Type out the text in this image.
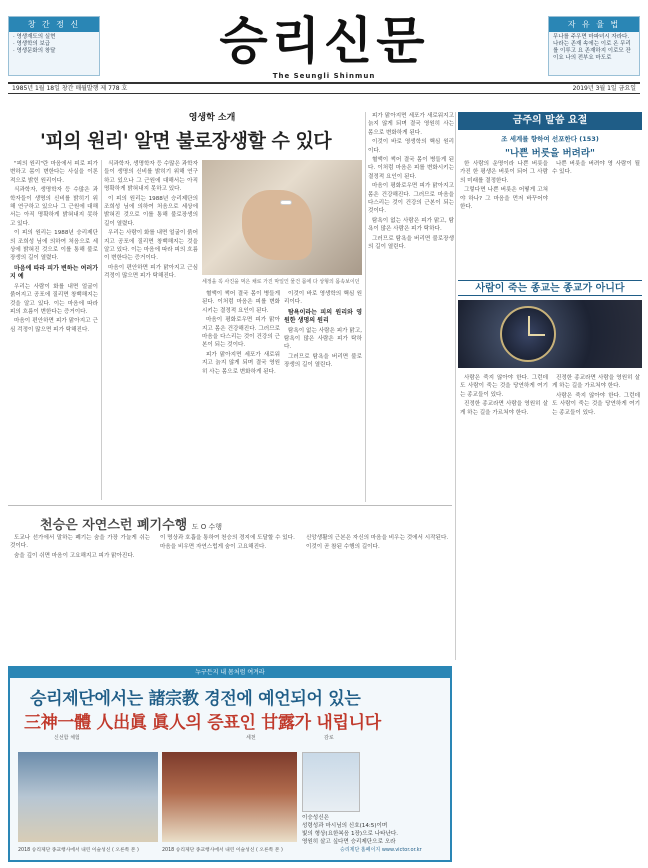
창 간 정 신
· 영생재도의 실현
· 영생학의 보급
· 영생문화의 창달	승리신문
The Seungli Shinmun
자 유 율 법
무나를 주우면 마파녀시 자라다. 나라는 존재 속에는 이로 온 무리를 이루고 요 존재하지 이로모 잔이요 나의 전부요 마도로
1985년 1월 18일 창간 매월발행 제 778 호	2019년 3월 1일 금요일
영생학 소개
'피의 원리' 알면 불로장생할 수 있다

"피의 원리"란 마음에서 피로 피가 변하고 몸이 변한다는 사실을 이론적으로 밝힌 원리이다.

식과학자, 생명학자 등 수많은 과학자들이 생명의 신비를 밝히기 위해 연구하고 있으나 그 근원에 대해서는 아직 명확하게 밝혀내지 못하고 있다.

이 피의 원리는 1988년 승리제단의 조희성 님에 의하여 처음으로 세상에 밝혀진 것으로 이를 통해 불로장생의 길이 열렸다.

마음에 따라 피가 변하는 여러가지 예

우리는 사람이 화를 내면 얼굴이 붉어지고 공포에 질리면 창백해지는 것을 알고 있다. 이는 마음에 따라 피의 흐름이 변한다는 증거이다.

마음이 편안하면 피가 맑아지고 근심 걱정이 많으면 피가 탁해진다.

식과학자, 생명학자 등 수많은 과학자들이 생명의 신비를 밝히기 위해 연구하고 있으나 그 근원에 대해서는 아직 명확하게 밝혀내지 못하고 있다.

이 피의 원리는 1988년 승리제단의 조희성 님에 의하여 처음으로 세상에 밝혀진 것으로 이를 통해 불로장생의 길이 열렸다.

우리는 사람이 화를 내면 얼굴이 붉어지고 공포에 질리면 창백해지는 것을 알고 있다. 이는 마음에 따라 피의 흐름이 변한다는 증거이다.

마음이 편안하면 피가 맑아지고 근심 걱정이 많으면 피가 탁해진다.

세정을 꼭 사진을 먹은 채로 가진 막일인 물건 몸에 다 상형의 몸속보이던

피가 맑아지면 세포가 새로워지고 늙지 않게 되며 결국 영원히 사는 몸으로 변화하게 된다.

이것이 바로 영생학의 핵심 원리이다.

혈액이 썩어 결국 몸이 병들게 된다. 이처럼 마음은 피를 변화시키는 결정적 요인이 된다.

마음이 평화로우면 피가 맑아지고 몸은 건강해진다. 그러므로 마음을 다스리는 것이 건강의 근본이 되는 것이다.

탐욕이 없는 사람은 피가 맑고, 탐욕이 많은 사람은 피가 탁하다.

그러므로 탐욕을 버리면 불로장생의 길이 열린다.

혈액이 썩어 결국 몸이 병들게 된다. 이처럼 마음은 피를 변화시키는 결정적 요인이 된다.

마음이 평화로우면 피가 맑아지고 몸은 건강해진다. 그러므로 마음을 다스리는 것이 건강의 근본이 되는 것이다.

피가 맑아지면 세포가 새로워지고 늙지 않게 되며 결국 영원히 사는 몸으로 변화하게 된다.

이것이 바로 영생학의 핵심 원리이다.

탐욕이라는 피의 원리와 영원한 생명의 원리

탐욕이 없는 사람은 피가 맑고, 탐욕이 많은 사람은 피가 탁하다.

그러므로 탐욕을 버리면 불로장생의 길이 열린다.

금주의 말씀 요절
조 세계를 향하여 선포한다 (153)
"나쁜 버릇을 버려라"

한 사람의 운명이라 나쁜 버릇을 가진 한 평생은 버릇이 되어 그 사람의 미래를 결정한다.

그렇다면 나쁜 버릇은 어떻게 고쳐야 하나? 그 마음을 먼저 바꾸어야 한다.

나쁜 버릇을 버려야 영 사람이 될 수 있다.

사람이 죽는 종교는 종교가 아니다

사람은 죽지 않아야 한다. 그런데도 사람이 죽는 것을 당연하게 여기는 종교들이 있다.

진정한 종교라면 사람을 영원히 살게 하는 길을 가르쳐야 한다.

진정한 종교라면 사람을 영원히 살게 하는 길을 가르쳐야 한다.

사람은 죽지 않아야 한다. 그런데도 사람이 죽는 것을 당연하게 여기는 종교들이 있다.

천승은 자연스런 폐기수행 도 O 수행

도교나 선가에서 말하는 폐기는 숨을 가장 가늘게 쉬는 것이다.

숨을 깊이 쉬면 마음이 고요해지고 피가 맑아진다.

이 명상과 호흡을 통하여 천승의 경지에 도달할 수 있다.

마음을 비우면 자연스럽게 숨이 고요해진다.

신앙생활의 근본은 자신의 마음을 비우는 것에서 시작된다.

이것이 곧 참된 수행의 길이다.

누구든지 내 몸처럼 여겨라
승리제단에서는 諸宗教 경전에 예언되어 있는
三神一體 人出眞 眞人의 증표인 甘露가 내립니다
신선함 체험	세천	감로
이승성신은
성령성과 마시님의 신호(14:5)이며
빛의 형상(요한복음 1장)으로 나타난다.
영원히 살고 싶다면 승리제단으로 오라
2018 승리제단 종교행사에서 내린 이슬성신 ( 오른쪽 본 )	2018 승리제단 종교행사에서 내린 이슬성신 ( 오른쪽 본 )	승리제단 홈페이지 www.victor.or.kr
